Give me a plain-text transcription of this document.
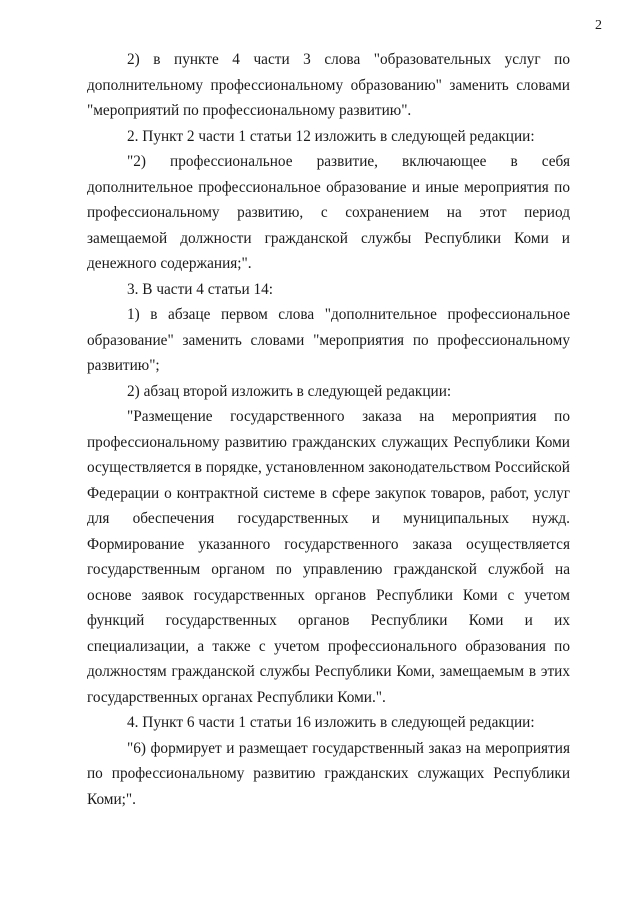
2

2) в пункте 4 части 3 слова "образовательных услуг по дополнительному профессиональному образованию" заменить словами "мероприятий по профессиональному развитию".

2. Пункт 2 части 1 статьи 12 изложить в следующей редакции:

"2) профессиональное развитие, включающее в себя дополнительное профессиональное образование и иные мероприятия по профессиональному развитию, с сохранением на этот период замещаемой должности гражданской службы Республики Коми и денежного содержания;".

3. В части 4 статьи 14:

1) в абзаце первом слова "дополнительное профессиональное образование" заменить словами "мероприятия по профессиональному развитию";

2) абзац второй изложить в следующей редакции:

"Размещение государственного заказа на мероприятия по профессиональному развитию гражданских служащих Республики Коми осуществляется в порядке, установленном законодательством Российской Федерации о контрактной системе в сфере закупок товаров, работ, услуг для обеспечения государственных и муниципальных нужд. Формирование указанного государственного заказа осуществляется государственным органом по управлению гражданской службой на основе заявок государственных органов Республики Коми с учетом функций государственных органов Республики Коми и их специализации, а также с учетом профессионального образования по должностям гражданской службы Республики Коми, замещаемым в этих государственных органах Республики Коми.".

4. Пункт 6 части 1 статьи 16 изложить в следующей редакции:

"6) формирует и размещает государственный заказ на мероприятия по профессиональному развитию гражданских служащих Республики Коми;".
